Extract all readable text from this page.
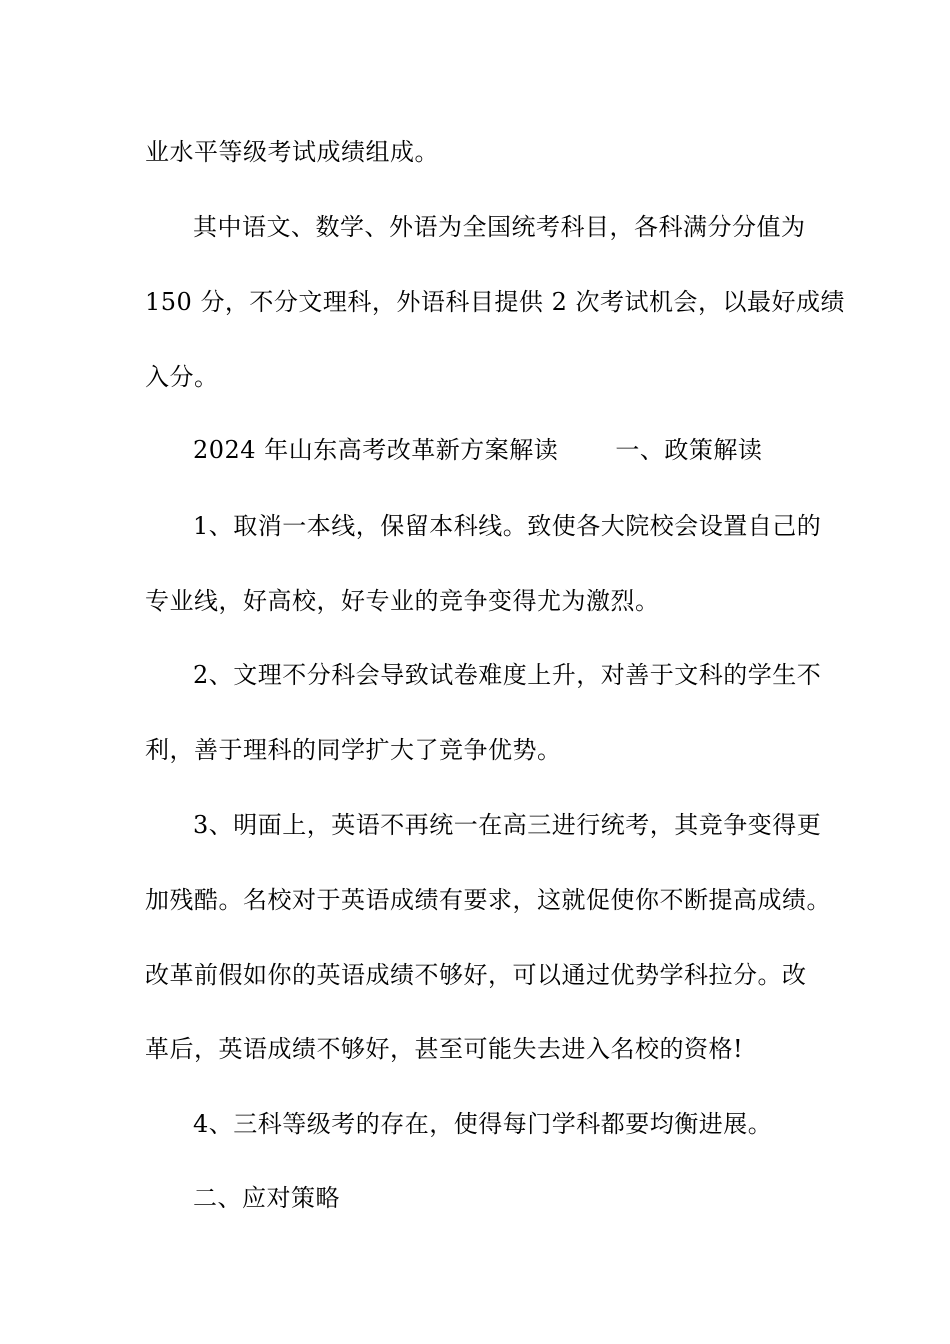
业水平等级考试成绩组成。
其中语文、数学、外语为全国统考科目，各科满分分值为
150 分，不分文理科，外语科目提供 2 次考试机会，以最好成绩
入分。
2024 年山东高考改革新方案解读　　 一、政策解读
1、取消一本线，保留本科线。致使各大院校会设置自己的
专业线，好高校，好专业的竞争变得尤为激烈。
2、文理不分科会导致试卷难度上升，对善于文科的学生不
利，善于理科的同学扩大了竞争优势。
3、明面上，英语不再统一在高三进行统考，其竞争变得更
加残酷。名校对于英语成绩有要求，这就促使你不断提高成绩。
改革前假如你的英语成绩不够好，可以通过优势学科拉分。改
革后，英语成绩不够好，甚至可能失去进入名校的资格!
4、三科等级考的存在，使得每门学科都要均衡进展。
二、应对策略
